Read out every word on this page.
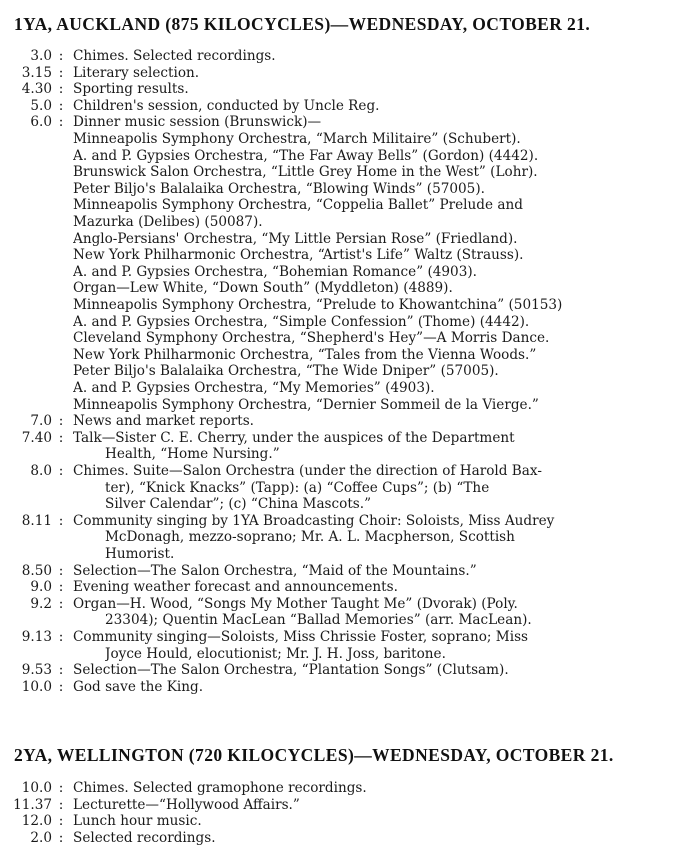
1YA, AUCKLAND (875 KILOCYCLES)—WEDNESDAY, OCTOBER 21.
3.0 : Chimes. Selected recordings.
3.15 : Literary selection.
4.30 : Sporting results.
5.0 : Children's session, conducted by Uncle Reg.
6.0 : Dinner music session (Brunswick)—
Minneapolis Symphony Orchestra, “March Militaire” (Schubert).
A. and P. Gypsies Orchestra, “The Far Away Bells” (Gordon) (4442).
Brunswick Salon Orchestra, “Little Grey Home in the West” (Lohr).
Peter Biljo's Balalaika Orchestra, “Blowing Winds” (57005).
Minneapolis Symphony Orchestra, “Coppelia Ballet” Prelude and
Mazurka (Delibes) (50087).
Anglo-Persians' Orchestra, “My Little Persian Rose” (Friedland).
New York Philharmonic Orchestra, “Artist's Life” Waltz (Strauss).
A. and P. Gypsies Orchestra, “Bohemian Romance” (4903).
Organ—Lew White, “Down South” (Myddleton) (4889).
Minneapolis Symphony Orchestra, “Prelude to Khowantchina” (50153)
A. and P. Gypsies Orchestra, “Simple Confession” (Thome) (4442).
Cleveland Symphony Orchestra, “Shepherd's Hey”—A Morris Dance.
New York Philharmonic Orchestra, “Tales from the Vienna Woods.”
Peter Biljo's Balalaika Orchestra, “The Wide Dniper” (57005).
A. and P. Gypsies Orchestra, “My Memories” (4903).
Minneapolis Symphony Orchestra, “Dernier Sommeil de la Vierge.”
7.0 : News and market reports.
7.40 : Talk—Sister C. E. Cherry, under the auspices of the Department
Health, “Home Nursing.”
8.0 : Chimes. Suite—Salon Orchestra (under the direction of Harold Bax-
ter), “Knick Knacks” (Tapp): (a) “Coffee Cups”; (b) “The
Silver Calendar”; (c) “China Mascots.”
8.11 : Community singing by 1YA Broadcasting Choir: Soloists, Miss Audrey
McDonagh, mezzo-soprano; Mr. A. L. Macpherson, Scottish
Humorist.
8.50 : Selection—The Salon Orchestra, “Maid of the Mountains.”
9.0 : Evening weather forecast and announcements.
9.2 : Organ—H. Wood, “Songs My Mother Taught Me” (Dvorak) (Poly.
23304); Quentin MacLean “Ballad Memories” (arr. MacLean).
9.13 : Community singing—Soloists, Miss Chrissie Foster, soprano; Miss
Joyce Hould, elocutionist; Mr. J. H. Joss, baritone.
9.53 : Selection—The Salon Orchestra, “Plantation Songs” (Clutsam).
10.0 : God save the King.
2YA, WELLINGTON (720 KILOCYCLES)—WEDNESDAY, OCTOBER 21.
10.0 : Chimes. Selected gramophone recordings.
11.37 : Lecturette—“Hollywood Affairs.”
12.0 : Lunch hour music.
2.0 : Selected recordings.
